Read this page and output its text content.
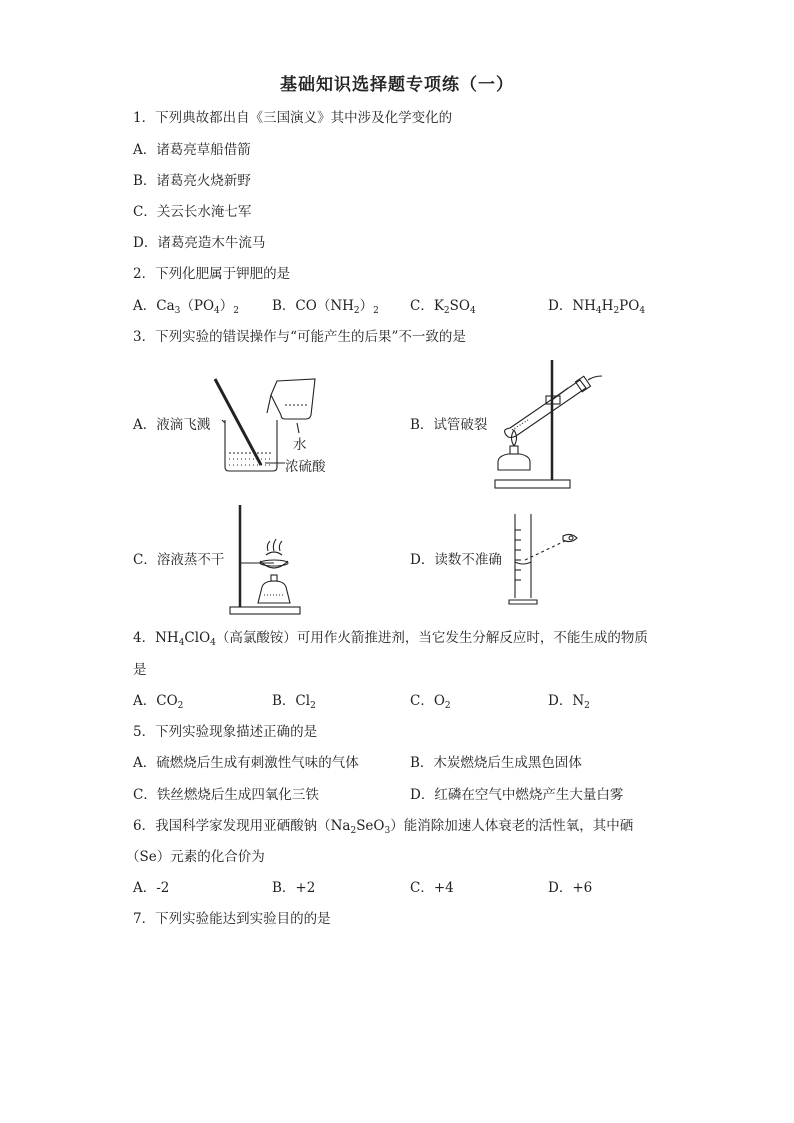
基础知识选择题专项练（一）
1．下列典故都出自《三国演义》其中涉及化学变化的
A．诸葛亮草船借箭
B．诸葛亮火烧新野
C．关云长水淹七军
D．诸葛亮造木牛流马
2．下列化肥属于钾肥的是
A．$Ca_3(PO_4)_2$ B．$CO(NH_2)_2$ C．$K_2SO_4$	D．$NH_4H_2PO_4$
3．下列实验的错误操作与“可能产生的后果”不一致的是
A．液滴飞溅
水
浓硫酸
B．试管破裂
C．溶液蒸不干	D．读数不准确
4．$NH_4ClO_4$（高氯酸铵）可用作火箭推进剂，当它发生分解反应时，不能生成的物质
是
A．$CO_2$	B．$Cl_2$	C．$O_2$	D．$N_2$
5．下列实验现象描述正确的是
A．硫燃烧后生成有刺激性气味的气体	B．木炭燃烧后生成黑色固体
C．铁丝燃烧后生成四氧化三铁	D．红磷在空气中燃烧产生大量白雾
6．我国科学家发现用亚硒酸钠$(Na_2SeO_3)$能消除加速人体衰老的活性氧，其中硒
（Se）元素的化合价为
A．-2	B．+2	C．+4	D．+6
7．下列实验能达到实验目的的是
